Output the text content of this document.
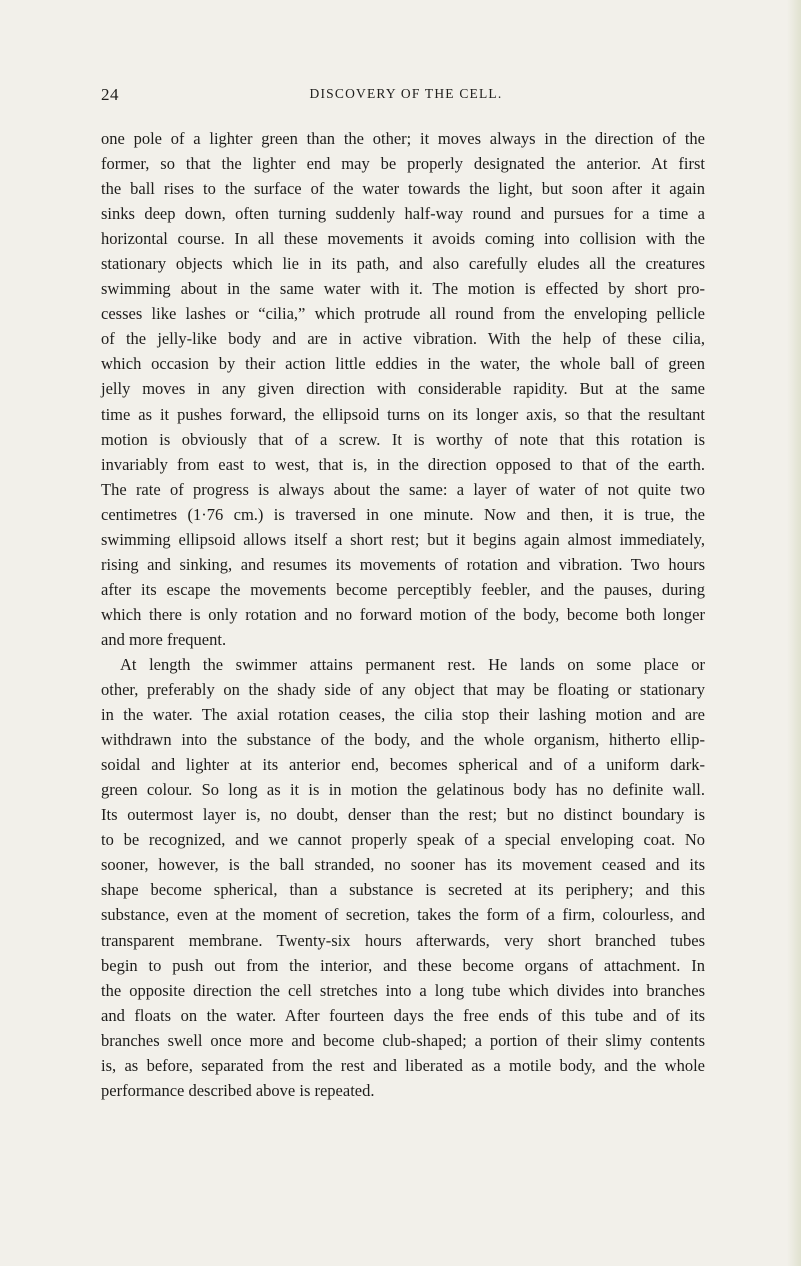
24	DISCOVERY OF THE CELL.
one pole of a lighter green than the other; it moves always in the direction of the
former, so that the lighter end may be properly designated the anterior. At first
the ball rises to the surface of the water towards the light, but soon after it again
sinks deep down, often turning suddenly half-way round and pursues for a time a
horizontal course. In all these movements it avoids coming into collision with the
stationary objects which lie in its path, and also carefully eludes all the creatures
swimming about in the same water with it. The motion is effected by short pro-
cesses like lashes or “cilia,” which protrude all round from the enveloping pellicle
of the jelly-like body and are in active vibration. With the help of these cilia,
which occasion by their action little eddies in the water, the whole ball of green
jelly moves in any given direction with considerable rapidity. But at the same
time as it pushes forward, the ellipsoid turns on its longer axis, so that the resultant
motion is obviously that of a screw. It is worthy of note that this rotation is
invariably from east to west, that is, in the direction opposed to that of the earth.
The rate of progress is always about the same: a layer of water of not quite two
centimetres (1·76 cm.) is traversed in one minute. Now and then, it is true, the
swimming ellipsoid allows itself a short rest; but it begins again almost immediately,
rising and sinking, and resumes its movements of rotation and vibration. Two hours
after its escape the movements become perceptibly feebler, and the pauses, during
which there is only rotation and no forward motion of the body, become both longer
and more frequent.
At length the swimmer attains permanent rest. He lands on some place or
other, preferably on the shady side of any object that may be floating or stationary
in the water. The axial rotation ceases, the cilia stop their lashing motion and are
withdrawn into the substance of the body, and the whole organism, hitherto ellip-
soidal and lighter at its anterior end, becomes spherical and of a uniform dark-
green colour. So long as it is in motion the gelatinous body has no definite wall.
Its outermost layer is, no doubt, denser than the rest; but no distinct boundary is
to be recognized, and we cannot properly speak of a special enveloping coat. No
sooner, however, is the ball stranded, no sooner has its movement ceased and its
shape become spherical, than a substance is secreted at its periphery; and this
substance, even at the moment of secretion, takes the form of a firm, colourless, and
transparent membrane. Twenty-six hours afterwards, very short branched tubes
begin to push out from the interior, and these become organs of attachment. In
the opposite direction the cell stretches into a long tube which divides into branches
and floats on the water. After fourteen days the free ends of this tube and of its
branches swell once more and become club-shaped; a portion of their slimy contents
is, as before, separated from the rest and liberated as a motile body, and the whole
performance described above is repeated.
